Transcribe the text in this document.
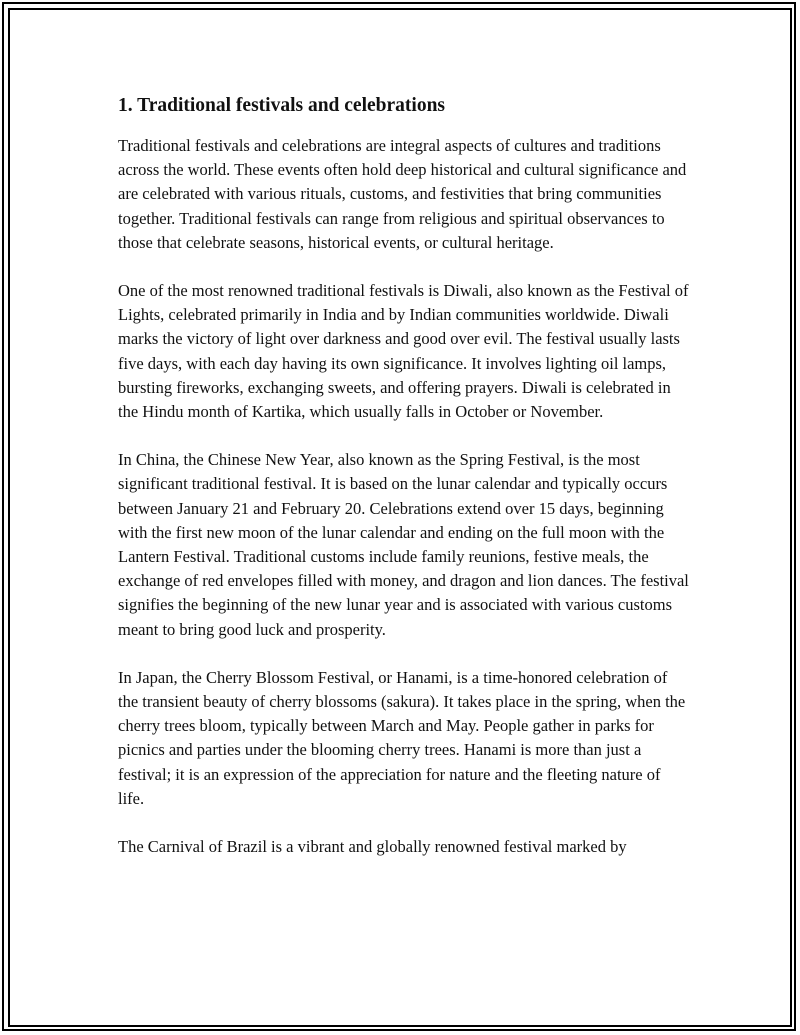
1. Traditional festivals and celebrations

Traditional festivals and celebrations are integral aspects of cultures and traditions across the world. These events often hold deep historical and cultural significance and are celebrated with various rituals, customs, and festivities that bring communities together. Traditional festivals can range from religious and spiritual observances to those that celebrate seasons, historical events, or cultural heritage.

One of the most renowned traditional festivals is Diwali, also known as the Festival of Lights, celebrated primarily in India and by Indian communities worldwide. Diwali marks the victory of light over darkness and good over evil. The festival usually lasts five days, with each day having its own significance. It involves lighting oil lamps, bursting fireworks, exchanging sweets, and offering prayers. Diwali is celebrated in the Hindu month of Kartika, which usually falls in October or November.

In China, the Chinese New Year, also known as the Spring Festival, is the most significant traditional festival. It is based on the lunar calendar and typically occurs between January 21 and February 20. Celebrations extend over 15 days, beginning with the first new moon of the lunar calendar and ending on the full moon with the Lantern Festival. Traditional customs include family reunions, festive meals, the exchange of red envelopes filled with money, and dragon and lion dances. The festival signifies the beginning of the new lunar year and is associated with various customs meant to bring good luck and prosperity.

In Japan, the Cherry Blossom Festival, or Hanami, is a time-honored celebration of the transient beauty of cherry blossoms (sakura). It takes place in the spring, when the cherry trees bloom, typically between March and May. People gather in parks for picnics and parties under the blooming cherry trees. Hanami is more than just a festival; it is an expression of the appreciation for nature and the fleeting nature of life.

The Carnival of Brazil is a vibrant and globally renowned festival marked by
